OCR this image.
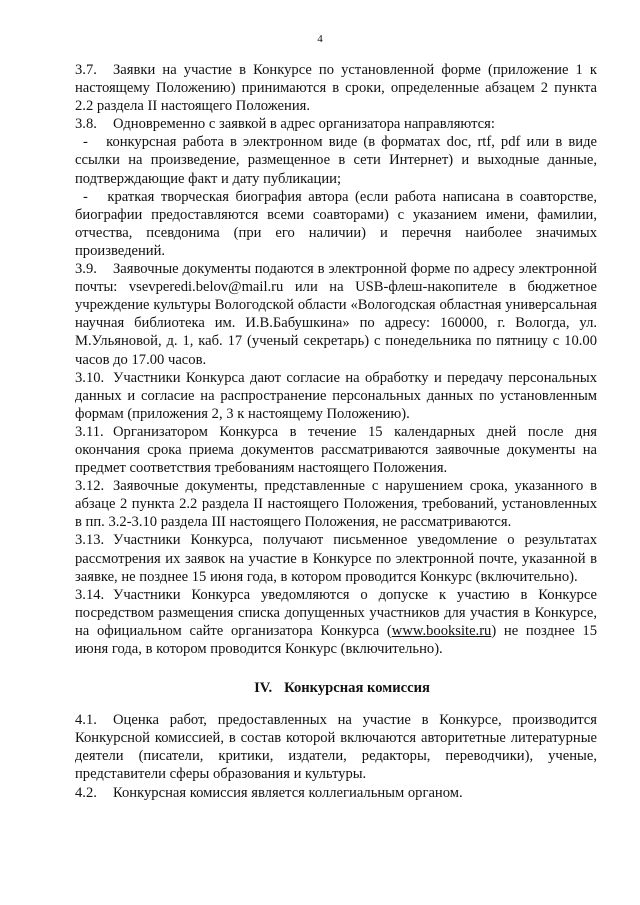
4

3.7. Заявки на участие в Конкурсе по установленной форме (приложение 1 к настоящему Положению) принимаются в сроки, определенные абзацем 2 пункта 2.2 раздела II настоящего Положения.

3.8. Одновременно с заявкой в адрес организатора направляются:

- конкурсная работа в электронном виде (в форматах doc, rtf, pdf или в виде ссылки на произведение, размещенное в сети Интернет) и выходные данные, подтверждающие факт и дату публикации;

- краткая творческая биография автора (если работа написана в соавторстве, биографии предоставляются всеми соавторами) с указанием имени, фамилии, отчества, псевдонима (при его наличии) и перечня наиболее значимых произведений.

3.9. Заявочные документы подаются в электронной форме по адресу электронной почты: vsevperedi.belov@mail.ru или на USB-флеш-накопителе в бюджетное учреждение культуры Вологодской области «Вологодская областная универсальная научная библиотека им. И.В.Бабушкина» по адресу: 160000, г. Вологда, ул. М.Ульяновой, д. 1, каб. 17 (ученый секретарь) с понедельника по пятницу с 10.00 часов до 17.00 часов.

3.10. Участники Конкурса дают согласие на обработку и передачу персональных данных и согласие на распространение персональных данных по установленным формам (приложения 2, 3 к настоящему Положению).

3.11. Организатором Конкурса в течение 15 календарных дней после дня окончания срока приема документов рассматриваются заявочные документы на предмет соответствия требованиям настоящего Положения.

3.12. Заявочные документы, представленные с нарушением срока, указанного в абзаце 2 пункта 2.2 раздела II настоящего Положения, требований, установленных в пп. 3.2-3.10 раздела III настоящего Положения, не рассматриваются.

3.13. Участники Конкурса, получают письменное уведомление о результатах рассмотрения их заявок на участие в Конкурсе по электронной почте, указанной в заявке, не позднее 15 июня года, в котором проводится Конкурс (включительно).

3.14. Участники Конкурса уведомляются о допуске к участию в Конкурсе посредством размещения списка допущенных участников для участия в Конкурсе, на официальном сайте организатора Конкурса (www.booksite.ru) не позднее 15 июня года, в котором проводится Конкурс (включительно).

IV. Конкурсная комиссия

4.1. Оценка работ, предоставленных на участие в Конкурсе, производится Конкурсной комиссией, в состав которой включаются авторитетные литературные деятели (писатели, критики, издатели, редакторы, переводчики), ученые, представители сферы образования и культуры.

4.2. Конкурсная комиссия является коллегиальным органом.
